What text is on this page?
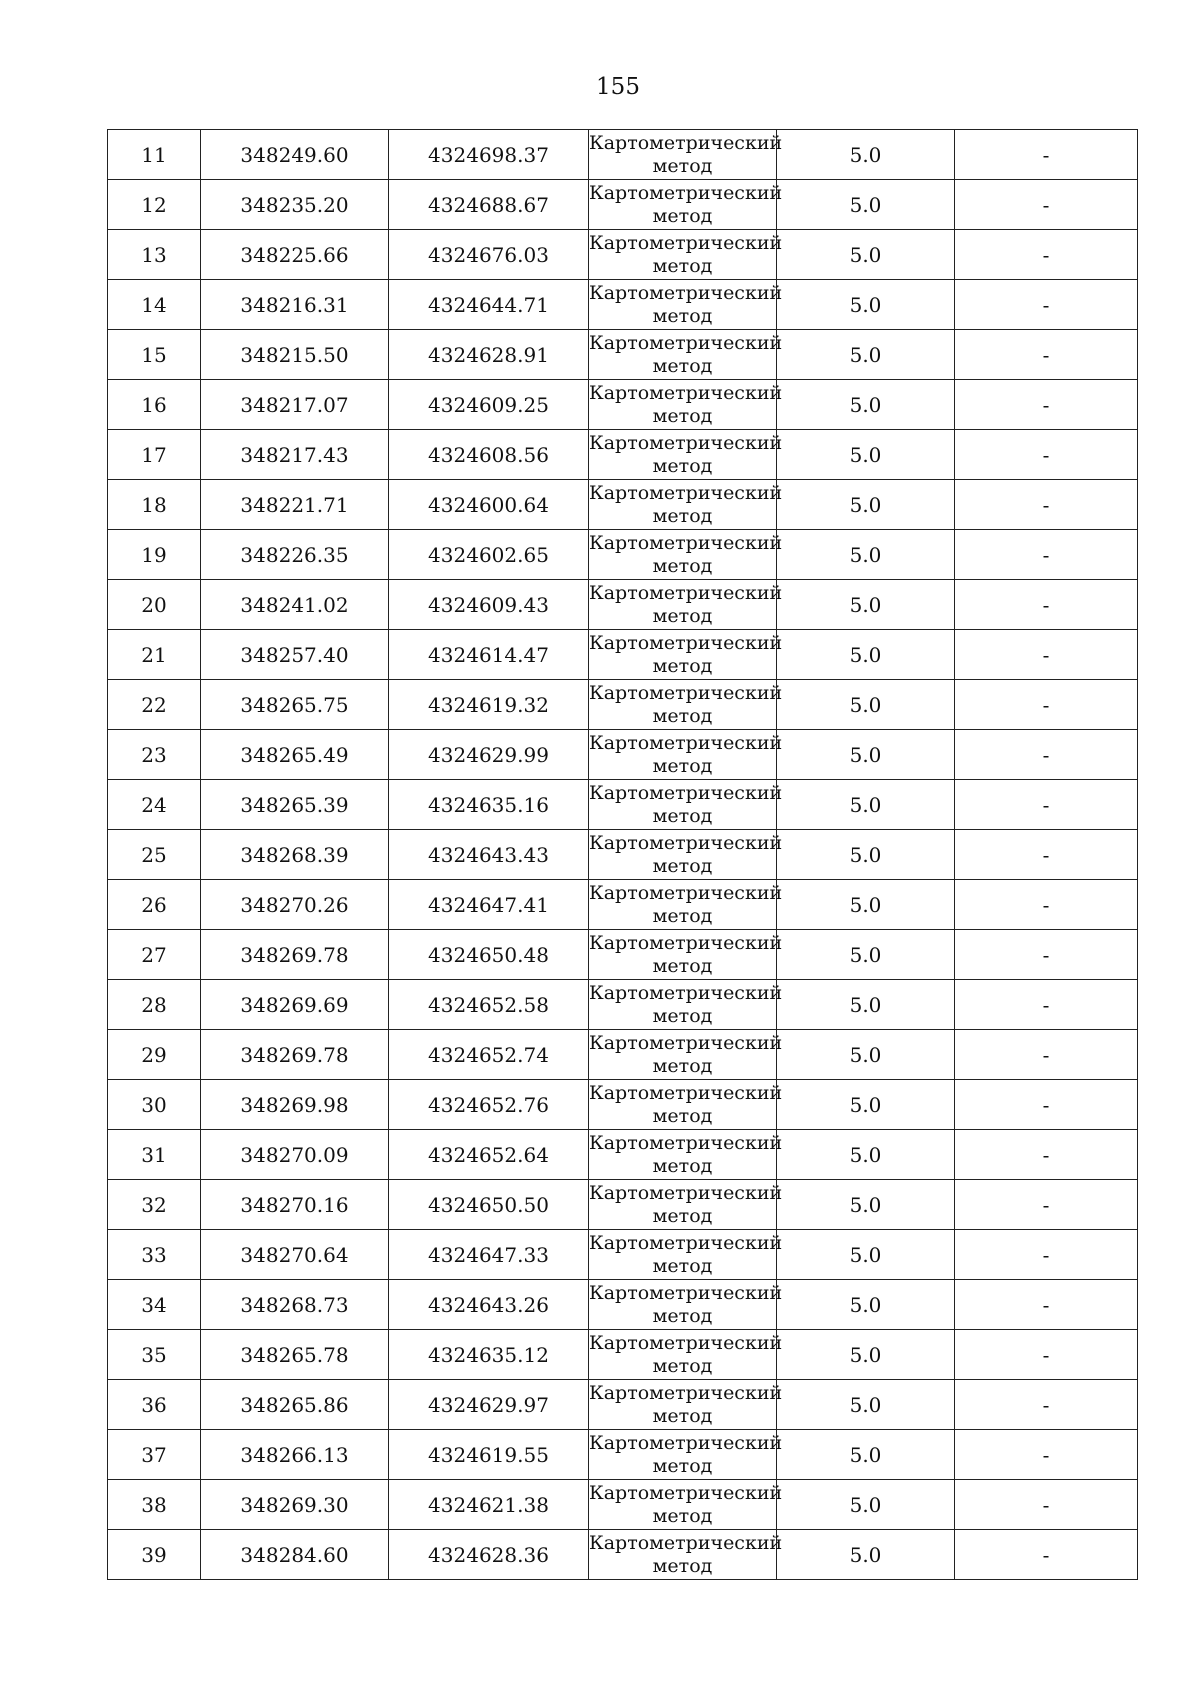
155
11	348249.60	4324698.37	Картометрический метод	5.0	-
12	348235.20	4324688.67	Картометрический метод	5.0	-
13	348225.66	4324676.03	Картометрический метод	5.0	-
14	348216.31	4324644.71	Картометрический метод	5.0	-
15	348215.50	4324628.91	Картометрический метод	5.0	-
16	348217.07	4324609.25	Картометрический метод	5.0	-
17	348217.43	4324608.56	Картометрический метод	5.0	-
18	348221.71	4324600.64	Картометрический метод	5.0	-
19	348226.35	4324602.65	Картометрический метод	5.0	-
20	348241.02	4324609.43	Картометрический метод	5.0	-
21	348257.40	4324614.47	Картометрический метод	5.0	-
22	348265.75	4324619.32	Картометрический метод	5.0	-
23	348265.49	4324629.99	Картометрический метод	5.0	-
24	348265.39	4324635.16	Картометрический метод	5.0	-
25	348268.39	4324643.43	Картометрический метод	5.0	-
26	348270.26	4324647.41	Картометрический метод	5.0	-
27	348269.78	4324650.48	Картометрический метод	5.0	-
28	348269.69	4324652.58	Картометрический метод	5.0	-
29	348269.78	4324652.74	Картометрический метод	5.0	-
30	348269.98	4324652.76	Картометрический метод	5.0	-
31	348270.09	4324652.64	Картометрический метод	5.0	-
32	348270.16	4324650.50	Картометрический метод	5.0	-
33	348270.64	4324647.33	Картометрический метод	5.0	-
34	348268.73	4324643.26	Картометрический метод	5.0	-
35	348265.78	4324635.12	Картометрический метод	5.0	-
36	348265.86	4324629.97	Картометрический метод	5.0	-
37	348266.13	4324619.55	Картометрический метод	5.0	-
38	348269.30	4324621.38	Картометрический метод	5.0	-
39	348284.60	4324628.36	Картометрический метод	5.0	-
